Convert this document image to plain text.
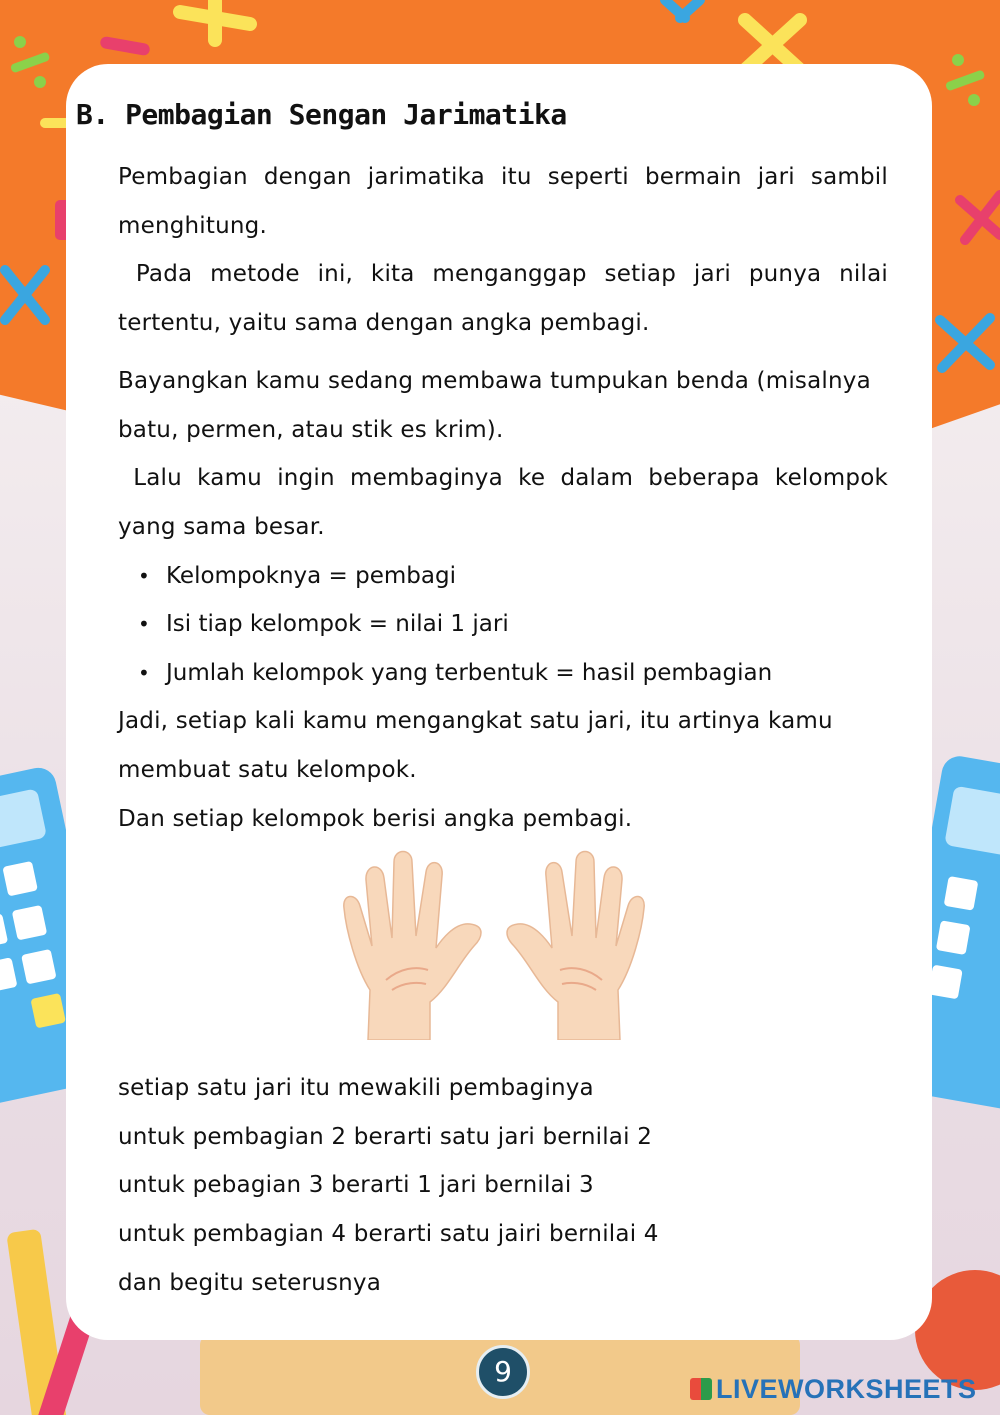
B. Pembagian Sengan Jarimatika

Pembagian dengan jarimatika itu seperti bermain jari sambil

menghitung.

Pada metode ini, kita menganggap setiap jari punya nilai

tertentu, yaitu sama dengan angka pembagi.

Bayangkan kamu sedang membawa tumpukan benda (misalnya

batu, permen, atau stik es krim).

Lalu kamu ingin membaginya ke dalam beberapa kelompok

yang sama besar.

• Kelompoknya = pembagi

• Isi tiap kelompok = nilai 1 jari

• Jumlah kelompok yang terbentuk = hasil pembagian

Jadi, setiap kali kamu mengangkat satu jari, itu artinya kamu

membuat satu kelompok.

Dan setiap kelompok berisi angka pembagi.

setiap satu jari itu mewakili pembaginya

untuk pembagian 2 berarti satu jari bernilai 2

untuk pebagian 3 berarti 1 jari bernilai 3

untuk pembagian 4 berarti satu jairi bernilai 4

dan begitu seterusnya

9
LIVEWORKSHEETS
